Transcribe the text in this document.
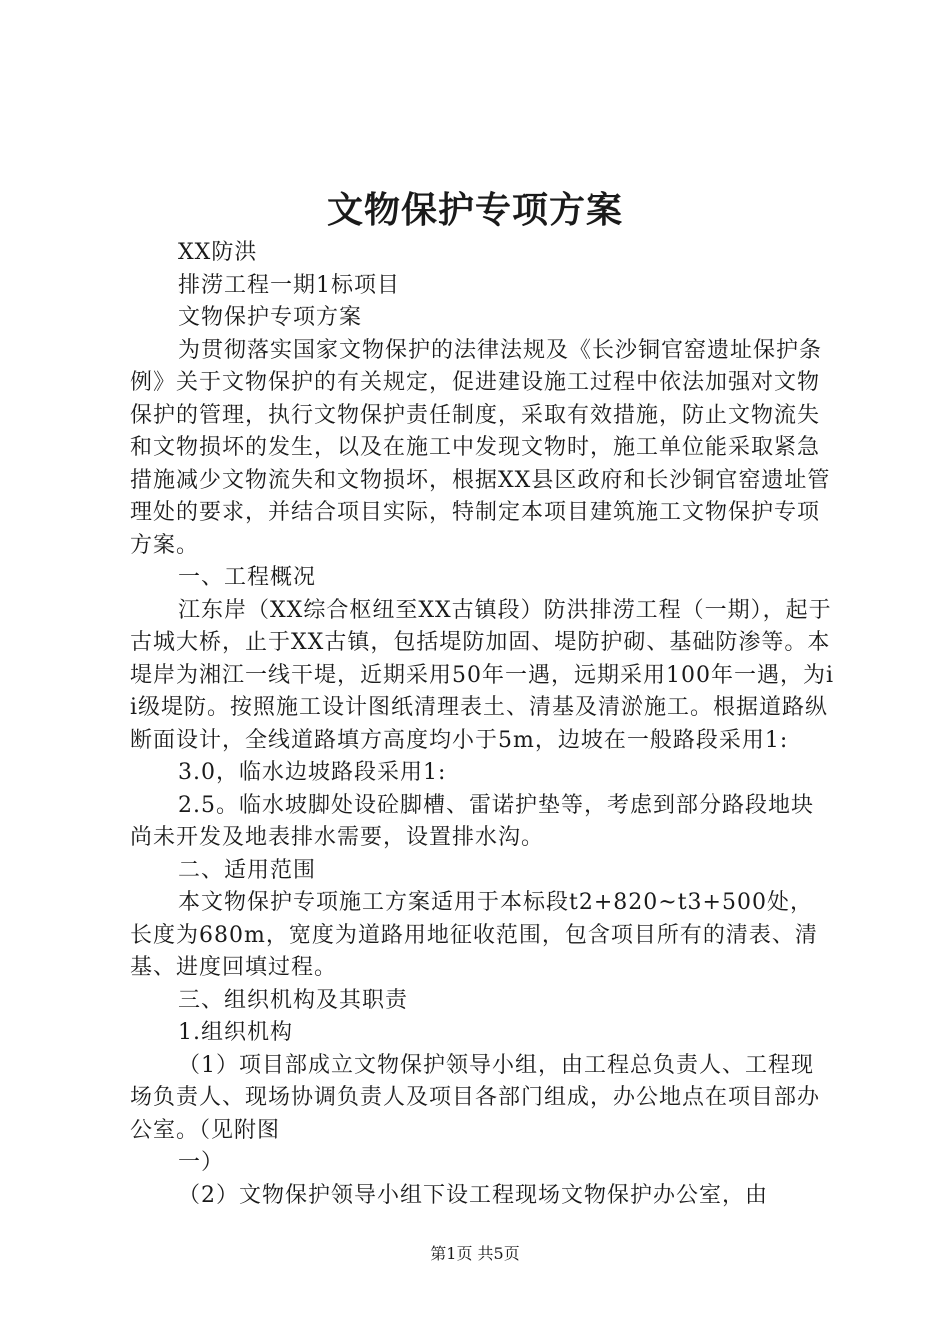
文物保护专项方案

XX防洪

排涝工程一期1标项目

文物保护专项方案

为贯彻落实国家文物保护的法律法规及《长沙铜官窑遗址保护条例》关于文物保护的有关规定，促进建设施工过程中依法加强对文物保护的管理，执行文物保护责任制度，采取有效措施，防止文物流失和文物损坏的发生，以及在施工中发现文物时，施工单位能采取紧急措施减少文物流失和文物损坏，根据XX县区政府和长沙铜官窑遗址管理处的要求，并结合项目实际，特制定本项目建筑施工文物保护专项方案。

一、工程概况

江东岸（XX综合枢纽至XX古镇段）防洪排涝工程（一期），起于古城大桥，止于XX古镇，包括堤防加固、堤防护砌、基础防渗等。本堤岸为湘江一线干堤，近期采用50年一遇，远期采用100年一遇，为ii级堤防。按照施工设计图纸清理表土、清基及清淤施工。根据道路纵断面设计，全线道路填方高度均小于5m，边坡在一般路段采用1:

3.0，临水边坡路段采用1:

2.5。临水坡脚处设砼脚槽、雷诺护垫等，考虑到部分路段地块尚未开发及地表排水需要，设置排水沟。

二、适用范围

本文物保护专项施工方案适用于本标段t2+820~t3+500处，长度为680m，宽度为道路用地征收范围，包含项目所有的清表、清基、进度回填过程。

三、组织机构及其职责

1.组织机构

（1）项目部成立文物保护领导小组，由工程总负责人、工程现场负责人、现场协调负责人及项目各部门组成，办公地点在项目部办公室。（见附图

一）

（2）文物保护领导小组下设工程现场文物保护办公室，由

第1页 共5页
